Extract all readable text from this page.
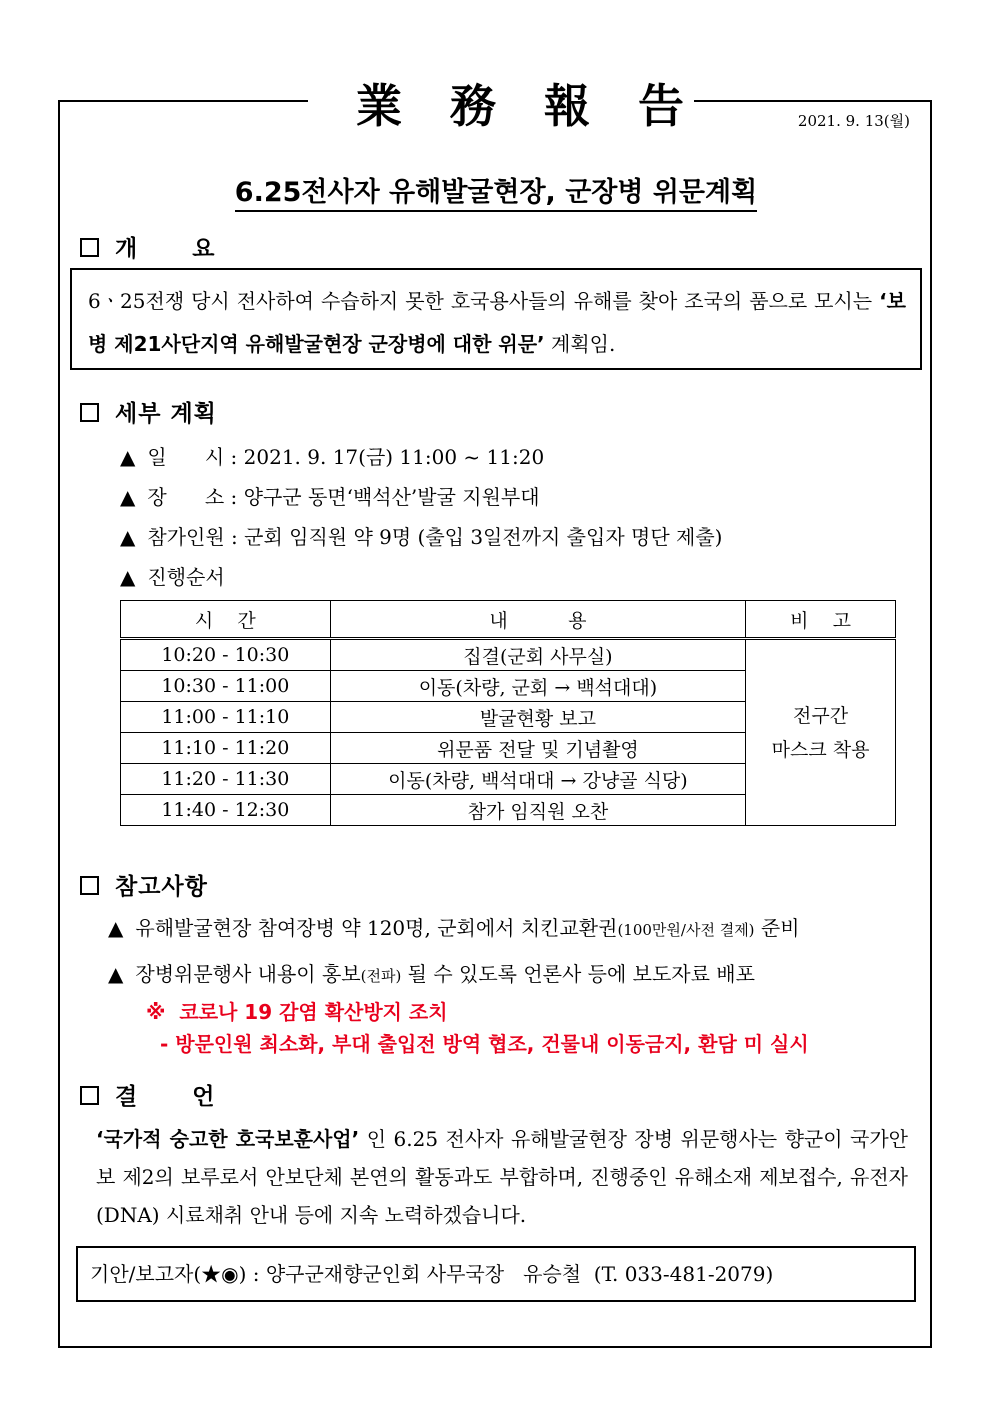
業務報告	2021. 9. 13(월)
6.25전사자 유해발굴현장, 군장병 위문계획
개      요
6ㆍ25전쟁 당시 전사하여 수습하지 못한 호국용사들의 유해를 찾아 조국의 품으로 모시는 ‘보병 제21사단지역 유해발굴현장 군장병에 대한 위문’ 계획임.
세부 계획
▲ 일      시 : 2021. 9. 17(금) 11:00 ~ 11:20
▲ 장      소 : 양구군 동면‘백석산’발굴 지원부대
▲ 참가인원 : 군회 임직원 약 9명 (출입 3일전까지 출입자 명단 제출)
▲ 진행순서
시    간	내          용	비    고
10:20 - 10:30	집결(군회 사무실)	전구간
마스크 착용
10:30 - 11:00	이동(차량, 군회 → 백석대대)	
11:00 - 11:10	발굴현황 보고	
11:10 - 11:20	위문품 전달 및 기념촬영	
11:20 - 11:30	이동(차량, 백석대대 → 강냥골 식당)	
11:40 - 12:30	참가 임직원 오찬	
참고사항
▲ 유해발굴현장 참여장병 약 120명, 군회에서 치킨교환권(100만원/사전 결제) 준비
▲ 장병위문행사 내용이 홍보(전파) 될 수 있도록 언론사 등에 보도자료 배포
※  코로나 19 감염 확산방지 조치
- 방문인원 최소화, 부대 출입전 방역 협조, 건물내 이동금지, 환담 미 실시
결      언
‘국가적 숭고한 호국보훈사업’ 인 6.25 전사자 유해발굴현장 장병 위문행사는 향군이 국가안보 제2의 보루로서 안보단체 본연의 활동과도 부합하며, 진행중인 유해소재 제보접수, 유전자(DNA) 시료채취 안내 등에 지속 노력하겠습니다.
기안/보고자(★◉) : 양구군재향군인회 사무국장   유승철  (T. 033-481-2079)
